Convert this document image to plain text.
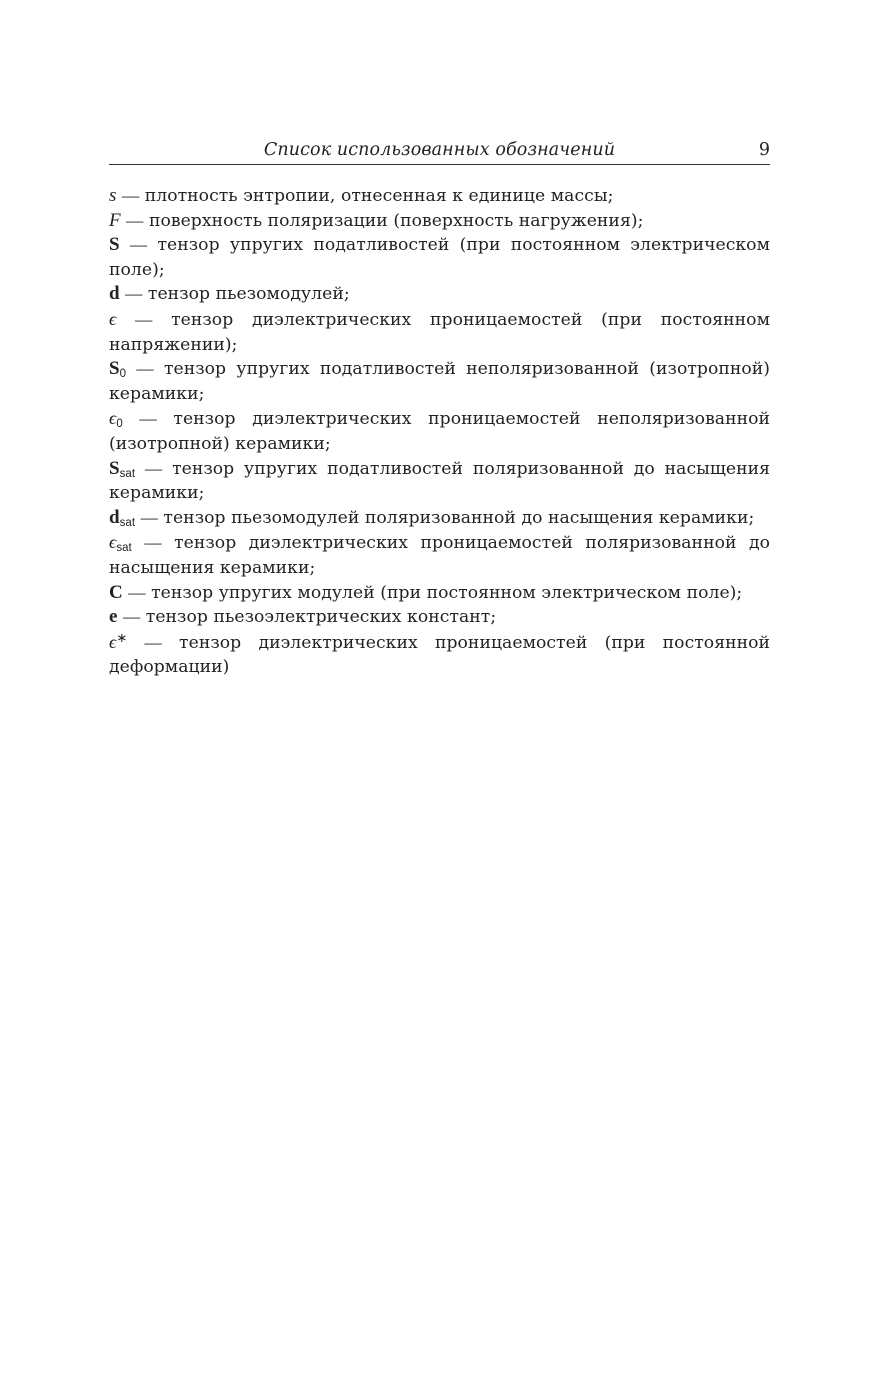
Список использованных обозначений	9
s — плотность энтропии, отнесенная к единице массы;
F — поверхность поляризации (поверхность нагружения);
S — тензор упругих податливостей (при постоянном электрическом поле);
d — тензор пьезомодулей;
ϵ — тензор диэлектрических проницаемостей (при постоянном напряжении);
$S_0$ — тензор упругих податливостей неполяризованной (изотропной) керамики;
$\epsilon_0$ — тензор диэлектрических проницаемостей неполяризованной (изотропной) керамики;
$S_{sat}$ — тензор упругих податливостей поляризованной до насыщения керамики;
$d_{sat}$ — тензор пьезомодулей поляризованной до насыщения керамики;
$\epsilon_{sat}$ — тензор диэлектрических проницаемостей поляризованной до насыщения керамики;
C — тензор упругих модулей (при постоянном электрическом поле);
e — тензор пьезоэлектрических констант;
ϵ∗ — тензор диэлектрических проницаемостей (при постоянной деформации)
